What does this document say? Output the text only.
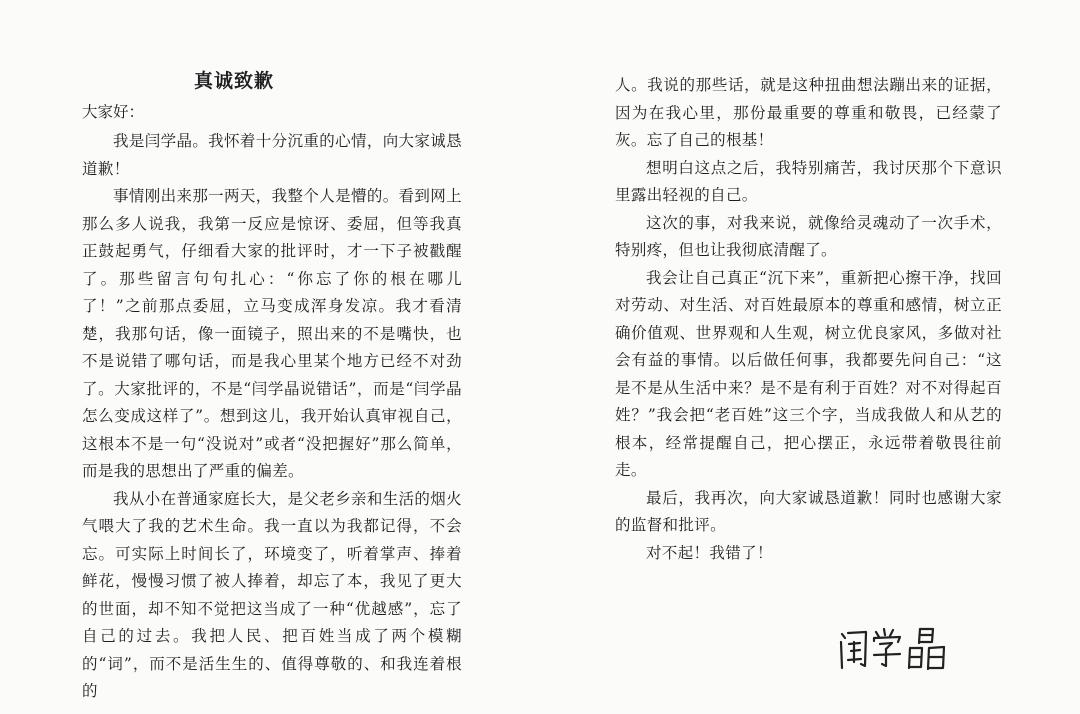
真诚致歉

大家好：

我是闫学晶。我怀着十分沉重的心情，向大家诚恳道歉！

事情刚出来那一两天，我整个人是懵的。看到网上那么多人说我，我第一反应是惊讶、委屈，但等我真正鼓起勇气，仔细看大家的批评时，才一下子被戳醒了。那些留言句句扎心：“你忘了你的根在哪儿了！”之前那点委屈，立马变成浑身发凉。我才看清楚，我那句话，像一面镜子，照出来的不是嘴快，也不是说错了哪句话，而是我心里某个地方已经不对劲了。大家批评的，不是“闫学晶说错话”，而是“闫学晶怎么变成这样了”。想到这儿，我开始认真审视自己，这根本不是一句“没说对”或者“没把握好”那么简单，而是我的思想出了严重的偏差。

我从小在普通家庭长大，是父老乡亲和生活的烟火气喂大了我的艺术生命。我一直以为我都记得，不会忘。可实际上时间长了，环境变了，听着掌声、捧着鲜花，慢慢习惯了被人捧着，却忘了本，我见了更大的世面，却不知不觉把这当成了一种“优越感”，忘了自己的过去。我把人民、把百姓当成了两个模糊的“词”，而不是活生生的、值得尊敬的、和我连着根的

人。我说的那些话，就是这种扭曲想法蹦出来的证据，因为在我心里，那份最重要的尊重和敬畏，已经蒙了灰。忘了自己的根基！

想明白这点之后，我特别痛苦，我讨厌那个下意识里露出轻视的自己。

这次的事，对我来说，就像给灵魂动了一次手术，特别疼，但也让我彻底清醒了。

我会让自己真正“沉下来”，重新把心擦干净，找回对劳动、对生活、对百姓最原本的尊重和感情，树立正确价值观、世界观和人生观，树立优良家风，多做对社会有益的事情。以后做任何事，我都要先问自己：“这是不是从生活中来？是不是有利于百姓？对不对得起百姓？”我会把“老百姓”这三个字，当成我做人和从艺的根本，经常提醒自己，把心摆正，永远带着敬畏往前走。

最后，我再次，向大家诚恳道歉！同时也感谢大家的监督和批评。

对不起！我错了！
